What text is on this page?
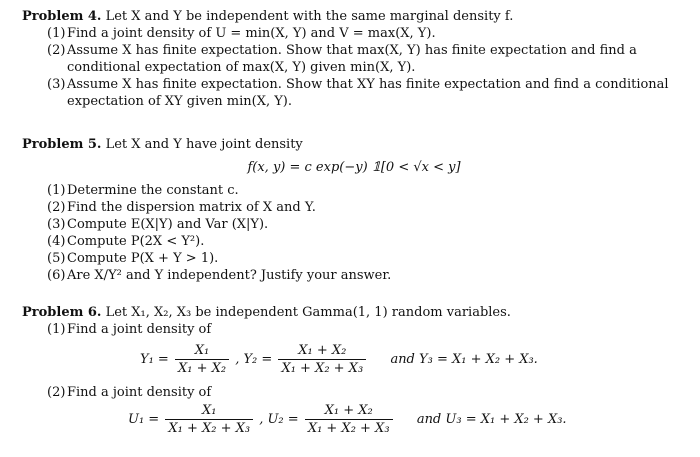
Problem 4. Let X and Y be independent with the same marginal density f.
(1) Find a joint density of U = min(X, Y) and V = max(X, Y).
(2) Assume X has finite expectation. Show that max(X, Y) has finite expectation and find a conditional expectation of max(X, Y) given min(X, Y).
(3) Assume X has finite expectation. Show that XY has finite expectation and find a conditional expectation of XY given min(X, Y).
Problem 5. Let X and Y have joint density
f(x, y) = c exp(−y) 𝟙[0 < √x < y]
(1) Determine the constant c.
(2) Find the dispersion matrix of X and Y.
(3) Compute E(X|Y) and Var (X|Y).
(4) Compute P(2X < Y²).
(5) Compute P(X + Y > 1).
(6) Are X/Y² and Y independent? Justify your answer.
Problem 6. Let X₁, X₂, X₃ be independent Gamma(1, 1) random variables.
(1) Find a joint density of
$Y_1 = \frac{\text{X₁}}{\text{X₁ + X₂}}$ , $Y_2 = \frac{\text{X₁ + X₂}}{\text{X₁ + X₂ + X₃}}$ and Y₃ = X₁ + X₂ + X₃.
(2) Find a joint density of
$U_1 = \frac{\text{X₁}}{\text{X₁ + X₂ + X₃}}$ , $U_2 = \frac{\text{X₁ + X₂}}{\text{X₁ + X₂ + X₃}}$ and U₃ = X₁ + X₂ + X₃.
